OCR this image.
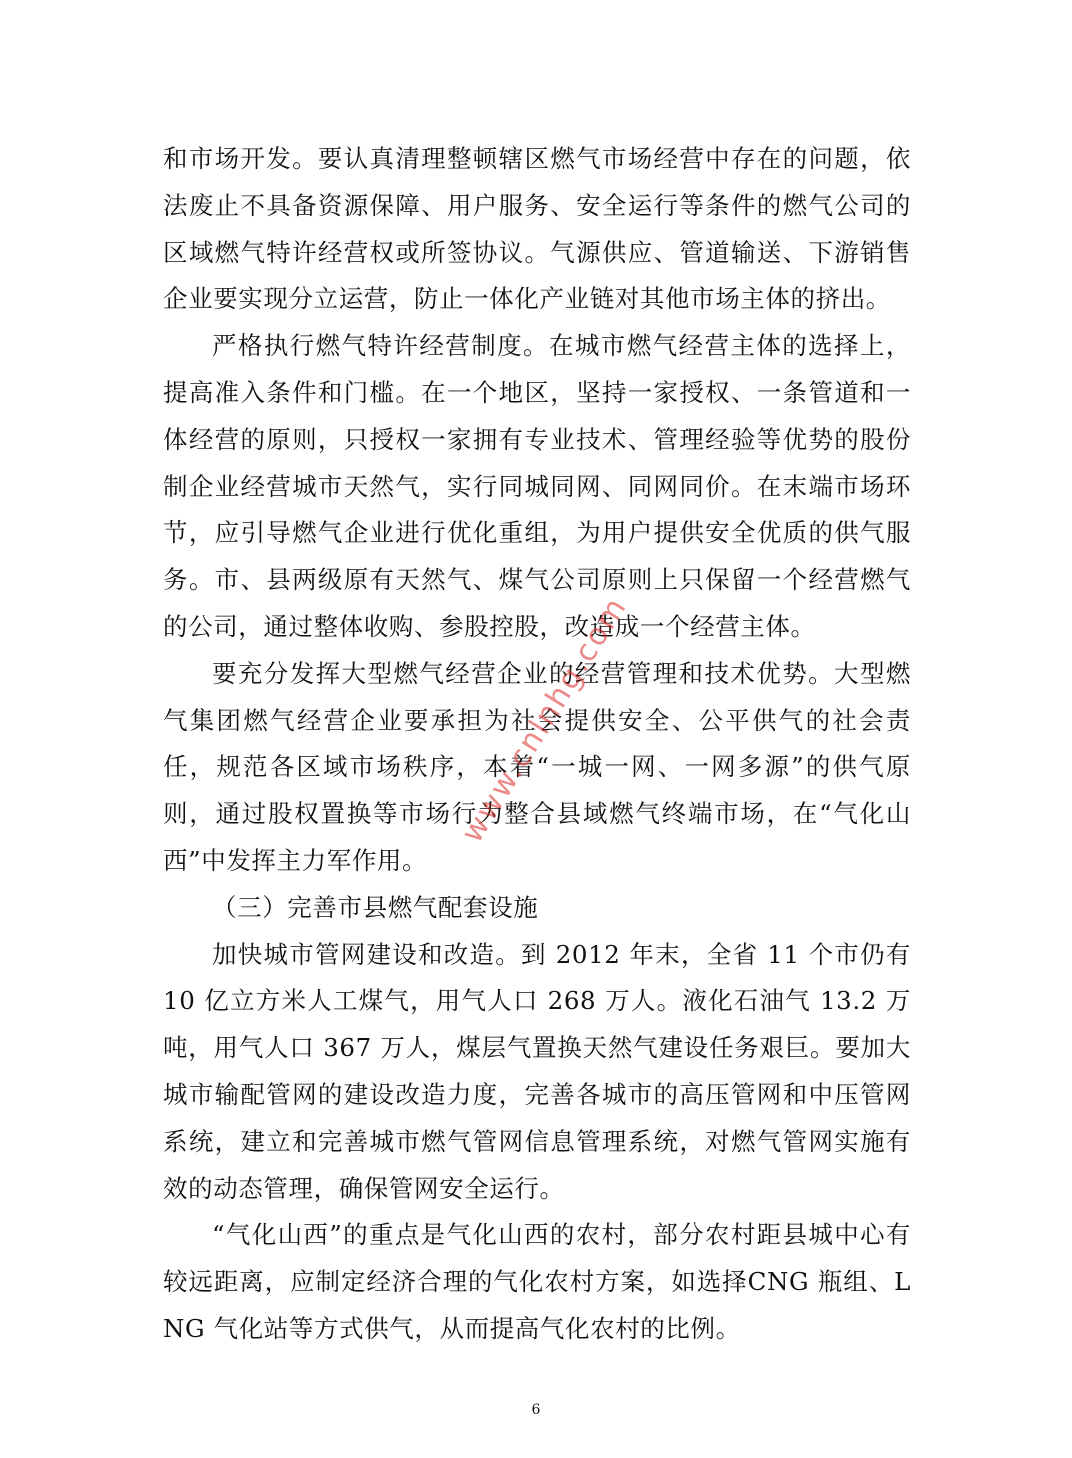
和市场开发。要认真清理整顿辖区燃气市场经营中存在的问题，依法废止不具备资源保障、用户服务、安全运行等条件的燃气公司的区域燃气特许经营权或所签协议。气源供应、管道输送、下游销售企业要实现分立运营，防止一体化产业链对其他市场主体的挤出。

严格执行燃气特许经营制度。在城市燃气经营主体的选择上，提高准入条件和门槛。在一个地区，坚持一家授权、一条管道和一体经营的原则，只授权一家拥有专业技术、管理经验等优势的股份制企业经营城市天然气，实行同城同网、同网同价。在末端市场环节，应引导燃气企业进行优化重组，为用户提供安全优质的供气服务。市、县两级原有天然气、煤气公司原则上只保留一个经营燃气的公司，通过整体收购、参股控股，改造成一个经营主体。

要充分发挥大型燃气经营企业的经营管理和技术优势。大型燃气集团燃气经营企业要承担为社会提供安全、公平供气的社会责任，规范各区域市场秩序，本着“一城一网、一网多源”的供气原则，通过股权置换等市场行为整合县域燃气终端市场，在“气化山西”中发挥主力军作用。

（三）完善市县燃气配套设施

加快城市管网建设和改造。到 2012 年末，全省 11 个市仍有 10 亿立方米人工煤气，用气人口 268 万人。液化石油气 13.2 万吨，用气人口 367 万人，煤层气置换天然气建设任务艰巨。要加大城市输配管网的建设改造力度，完善各城市的高压管网和中压管网系统，建立和完善城市燃气管网信息管理系统，对燃气管网实施有效的动态管理，确保管网安全运行。

“气化山西”的重点是气化山西的农村，部分农村距县城中心有较远距离，应制定经济合理的气化农村方案，如选择CNG 瓶组、LNG 气化站等方式供气，从而提高气化农村的比例。

www.cnlnhg.com
6
